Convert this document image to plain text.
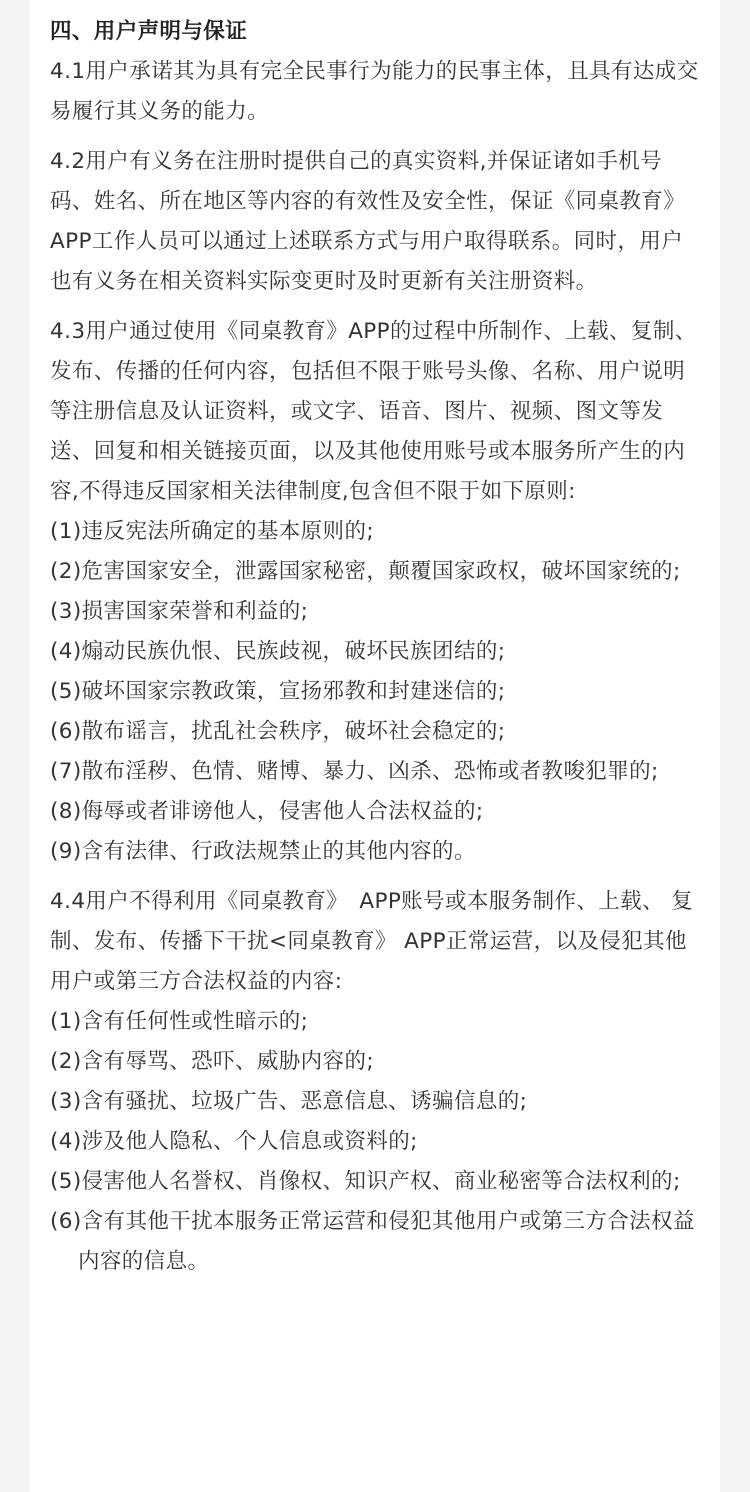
四、用户声明与保证

4.1用户承诺其为具有完全民事行为能力的民事主体，且具有达成交易履行其义务的能力。

4.2用户有义务在注册时提供自己的真实资料,并保证诸如手机号码、姓名、所在地区等内容的有效性及安全性，保证《同桌教育》　APP工作人员可以通过上述联系方式与用户取得联系。同时，用户也有义务在相关资料实际变更时及时更新有关注册资料。

4.3用户通过使用《同桌教育》APP的过程中所制作、上载、复制、发布、传播的任何内容，包括但不限于账号头像、名称、用户说明等注册信息及认证资料，或文字、语音、图片、视频、图文等发送、回复和相关链接页面，以及其他使用账号或本服务所产生的内容,不得违反国家相关法律制度,包含但不限于如下原则:

(1)违反宪法所确定的基本原则的;

(2)危害国家安全，泄露国家秘密，颠覆国家政权，破坏国家统的;

(3)损害国家荣誉和利益的;

(4)煽动民族仇恨、民族歧视，破坏民族团结的;

(5)破坏国家宗教政策，宣扬邪教和封建迷信的;

(6)散布谣言，扰乱社会秩序，破坏社会稳定的;

(7)散布淫秽、色情、赌博、暴力、凶杀、恐怖或者教唆犯罪的;

(8)侮辱或者诽谤他人，侵害他人合法权益的;

(9)含有法律、行政法规禁止的其他内容的。

4.4用户不得利用《同桌教育》　APP账号或本服务制作、上载、 复制、发布、传播下干扰<同桌教育》 APP正常运营，以及侵犯其他用户或第三方合法权益的内容:

(1)含有任何性或性暗示的;

(2)含有辱骂、恐吓、威胁内容的;

(3)含有骚扰、垃圾广告、恶意信息、诱骗信息的;

(4)涉及他人隐私、个人信息或资料的;

(5)侵害他人名誉权、肖像权、知识产权、商业秘密等合法权利的;

(6)含有其他干扰本服务正常运营和侵犯其他用户或第三方合法权益内容的信息。
